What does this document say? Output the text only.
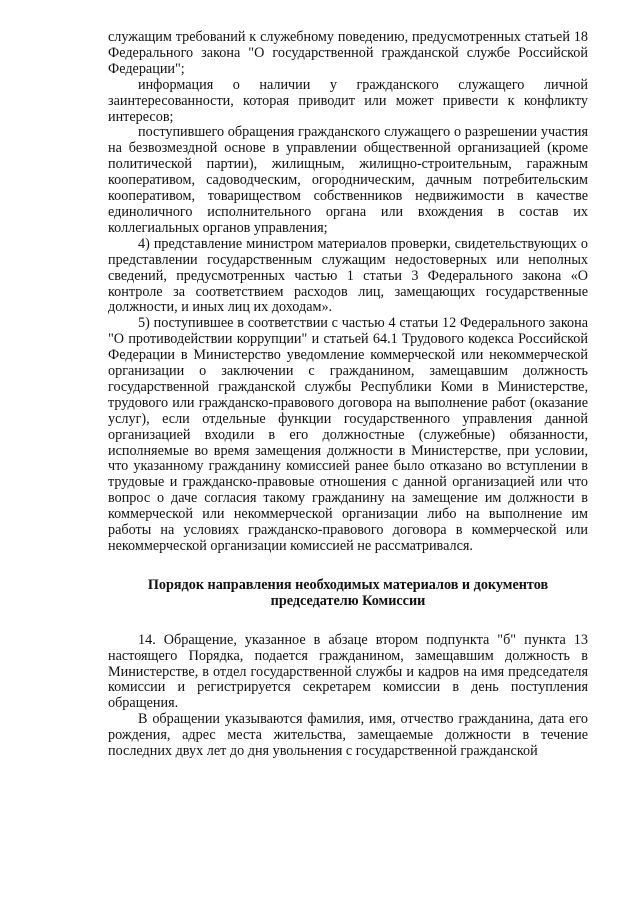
служащим требований к служебному поведению, предусмотренных статьей 18 Федерального закона "О государственной гражданской службе Российской Федерации";

информация о наличии у гражданского служащего личной заинтересованности, которая приводит или может привести к конфликту интересов;

поступившего обращения гражданского служащего о разрешении участия на безвозмездной основе в управлении общественной организацией (кроме политической партии), жилищным, жилищно-строительным, гаражным кооперативом, садоводческим, огородническим, дачным потребительским кооперативом, товариществом собственников недвижимости в качестве единоличного исполнительного органа или вхождения в состав их коллегиальных органов управления;

4) представление министром материалов проверки, свидетельствующих о представлении государственным служащим недостоверных или неполных сведений, предусмотренных частью 1 статьи 3 Федерального закона «О контроле за соответствием расходов лиц, замещающих государственные должности, и иных лиц их доходам».

5) поступившее в соответствии с частью 4 статьи 12 Федерального закона "О противодействии коррупции" и статьей 64.1 Трудового кодекса Российской Федерации в Министерство уведомление коммерческой или некоммерческой организации о заключении с гражданином, замещавшим должность государственной гражданской службы Республики Коми в Министерстве, трудового или гражданско-правового договора на выполнение работ (оказание услуг), если отдельные функции государственного управления данной организацией входили в его должностные (служебные) обязанности, исполняемые во время замещения должности в Министерстве, при условии, что указанному гражданину комиссией ранее было отказано во вступлении в трудовые и гражданско-правовые отношения с данной организацией или что вопрос о даче согласия такому гражданину на замещение им должности в коммерческой или некоммерческой организации либо на выполнение им работы на условиях гражданско-правового договора в коммерческой или некоммерческой организации комиссией не рассматривался.

Порядок направления необходимых материалов и документов
председателю Комиссии

14. Обращение, указанное в абзаце втором подпункта "б" пункта 13 настоящего Порядка, подается гражданином, замещавшим должность в Министерстве, в отдел государственной службы и кадров на имя председателя комиссии и регистрируется секретарем комиссии в день поступления обращения.

В обращении указываются фамилия, имя, отчество гражданина, дата его рождения, адрес места жительства, замещаемые должности в течение последних двух лет до дня увольнения с государственной гражданской
